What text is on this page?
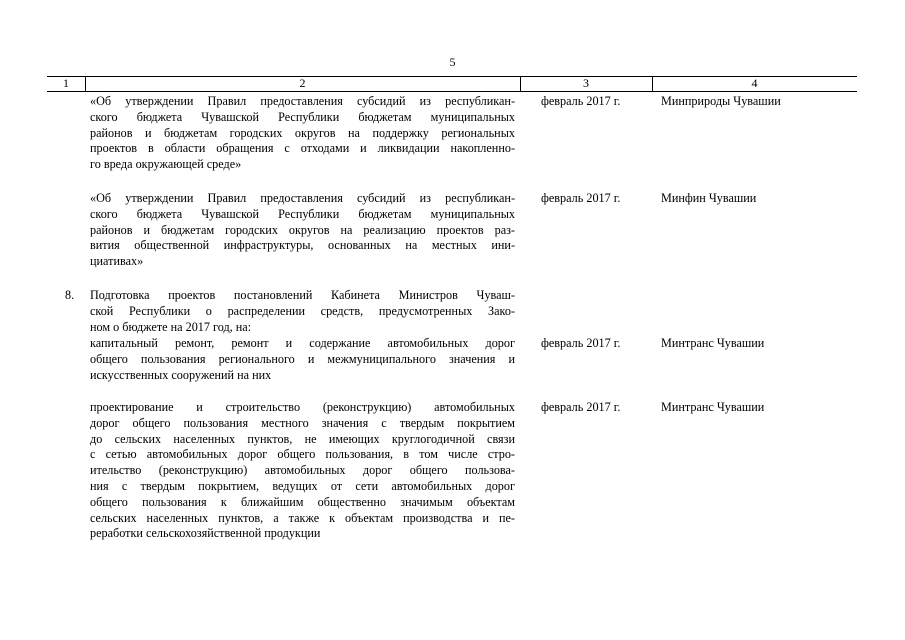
5
1	2	3	4
«Об утверждении Правил предоставления субсидий из республикан-
ского бюджета Чувашской Республики бюджетам муниципальных
районов и бюджетам городских округов на поддержку региональных
проектов в области обращения с отходами и ликвидации накопленно-
го вреда окружающей среде»
февраль 2017 г.	Минприроды Чувашии
«Об утверждении Правил предоставления субсидий из республикан-
ского бюджета Чувашской Республики бюджетам муниципальных
районов и бюджетам городских округов на реализацию проектов раз-
вития общественной инфраструктуры, основанных на местных ини-
циативах»
февраль 2017 г.	Минфин Чувашии
8. Подготовка проектов постановлений Кабинета Министров Чуваш-
ской Республики о распределении средств, предусмотренных Зако-
ном о бюджете на 2017 год, на:
капитальный ремонт, ремонт и содержание автомобильных дорог
общего пользования регионального и межмуниципального значения и
искусственных сооружений на них
февраль 2017 г.	Минтранс Чувашии
проектирование и строительство (реконструкцию) автомобильных
дорог общего пользования местного значения с твердым покрытием
до сельских населенных пунктов, не имеющих круглогодичной связи
с сетью автомобильных дорог общего пользования, в том числе стро-
ительство (реконструкцию) автомобильных дорог общего пользова-
ния с твердым покрытием, ведущих от сети автомобильных дорог
общего пользования к ближайшим общественно значимым объектам
сельских населенных пунктов, а также к объектам производства и пе-
реработки сельскохозяйственной продукции
февраль 2017 г.	Минтранс Чувашии
